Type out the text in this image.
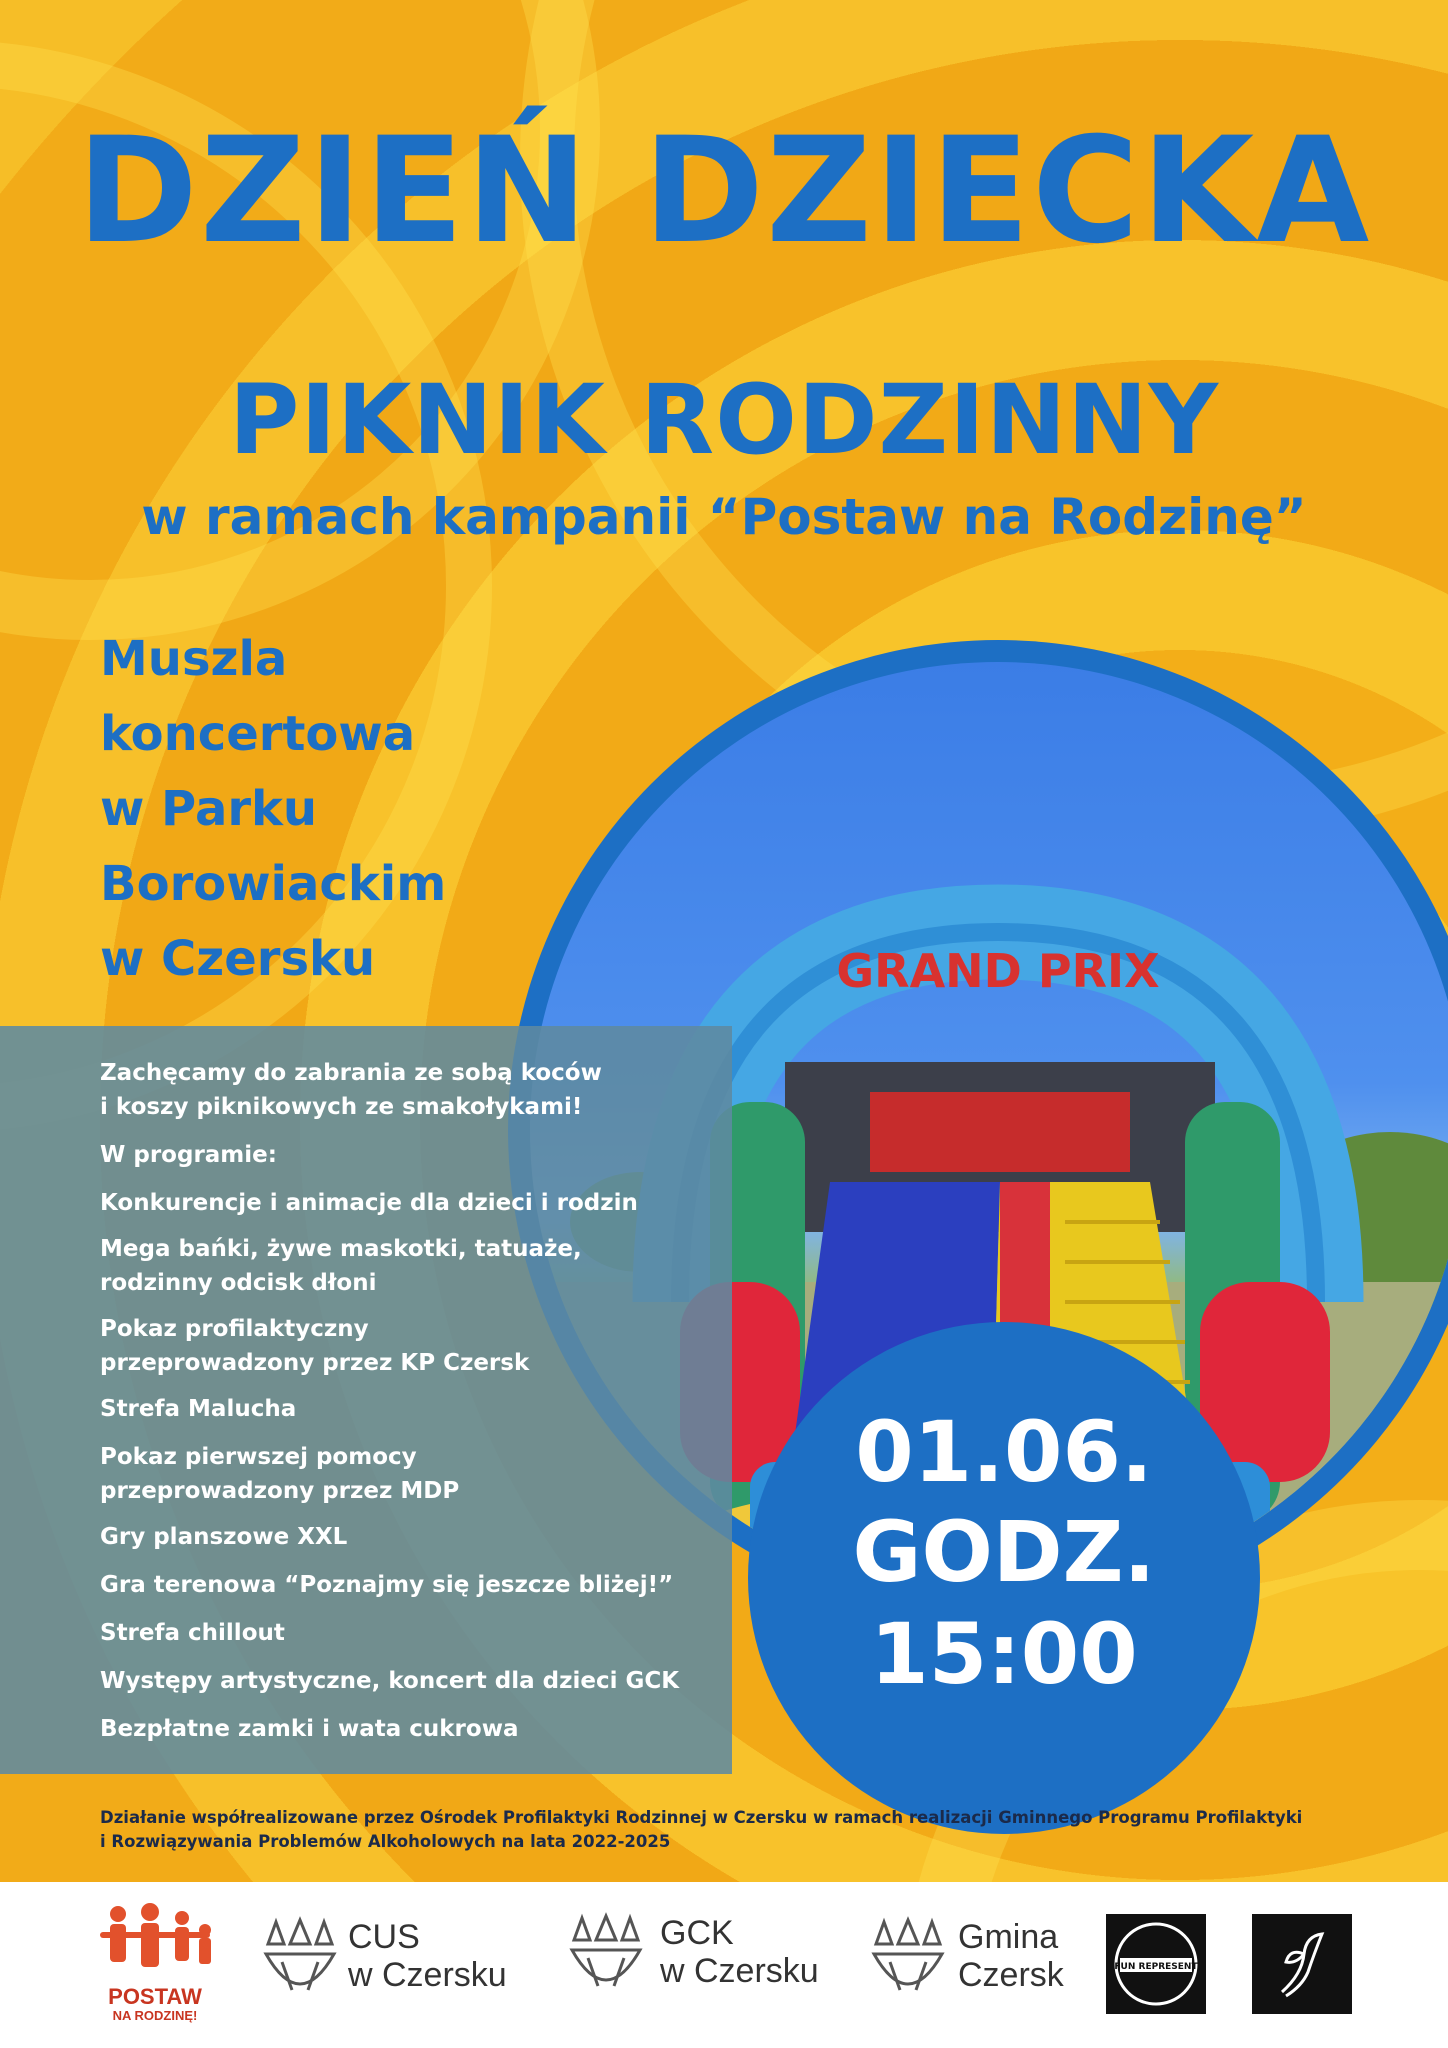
DZIEŃ DZIECKA
PIKNIK RODZINNY
w ramach kampanii “Postaw na Rodzinę”
Muszla
koncertowa
w Parku
Borowiackim
w Czersku	GRAND PRIX
Zachęcamy do zabrania ze sobą koców
i koszy piknikowych ze smakołykami!
W programie:
Konkurencje i animacje dla dzieci i rodzin
Mega bańki, żywe maskotki, tatuaże,
rodzinny odcisk dłoni
Pokaz profilaktyczny
przeprowadzony przez KP Czersk
Strefa Malucha
Pokaz pierwszej pomocy
przeprowadzony przez MDP
Gry planszowe XXL
Gra terenowa “Poznajmy się jeszcze bliżej!”
Strefa chillout
Występy artystyczne, koncert dla dzieci GCK
Bezpłatne zamki i wata cukrowa
01.06.
GODZ.
15:00
Działanie współrealizowane przez Ośrodek Profilaktyki Rodzinnej w Czersku w ramach realizacji Gminnego Programu Profilaktyki
i Rozwiązywania Problemów Alkoholowych na lata 2022-2025
POSTAW
NA RODZINĘ!
CUS
w Czersku
GCK
w Czersku
Gmina
Czersk	FUN REPRESENT
